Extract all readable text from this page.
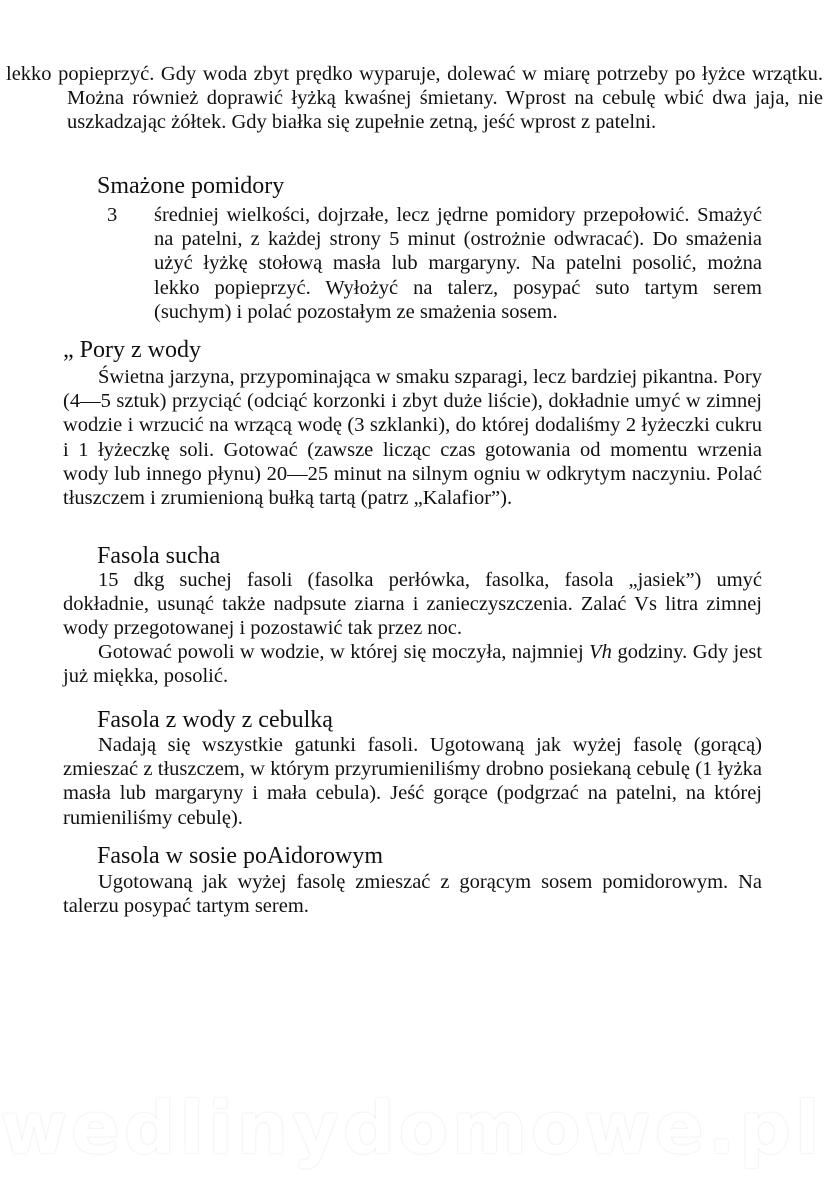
lekko popieprzyć. Gdy woda zbyt prędko wyparuje, dolewać w miarę potrzeby po łyżce wrzątku. Można również doprawić łyżką kwaśnej śmietany. Wprost na cebulę wbić dwa jaja, nie uszkadzając żółtek. Gdy białka się zupełnie zetną, jeść wprost z patelni.

Smażone pomidory
3	średniej wielkości, dojrzałe, lecz jędrne pomidory przepołowić. Smażyć na patelni, z każdej strony 5 minut (ostrożnie odwracać). Do smażenia użyć łyżkę stołową masła lub margaryny. Na patelni posolić, można lekko popieprzyć. Wyłożyć na talerz, posypać suto tartym serem (suchym) i polać pozostałym ze smażenia sosem.
„ Pory z wody

Świetna jarzyna, przypominająca w smaku szparagi, lecz bardziej pikantna. Pory (4—5 sztuk) przyciąć (odciąć korzonki i zbyt duże liście), dokładnie umyć w zimnej wodzie i wrzucić na wrzącą wodę (3 szklanki), do której dodaliśmy 2 łyżeczki cukru i 1 łyżeczkę soli. Gotować (zawsze licząc czas gotowania od momentu wrzenia wody lub innego płynu) 20—25 minut na silnym ogniu w odkrytym naczyniu. Polać tłuszczem i zrumienioną bułką tartą (patrz „Kalafior”).

Fasola sucha

15 dkg suchej fasoli (fasolka perłówka, fasolka, fasola „jasiek”) umyć dokładnie, usunąć także nadpsute ziarna i zanieczyszczenia. Zalać Vs litra zimnej wody przegotowanej i pozostawić tak przez noc.

Gotować powoli w wodzie, w której się moczyła, najmniej Vh godziny. Gdy jest już miękka, posolić.

Fasola z wody z cebulką

Nadają się wszystkie gatunki fasoli. Ugotowaną jak wyżej fasolę (gorącą) zmieszać z tłuszczem, w którym przyrumieniliśmy drobno posiekaną cebulę (1 łyżka masła lub margaryny i mała cebula). Jeść gorące (podgrzać na patelni, na której rumieniliśmy cebulę).

Fasola w sosie poAidorowym

Ugotowaną jak wyżej fasolę zmieszać z gorącym sosem pomidorowym. Na talerzu posypać tartym serem.

wedlinydomowe.pl
